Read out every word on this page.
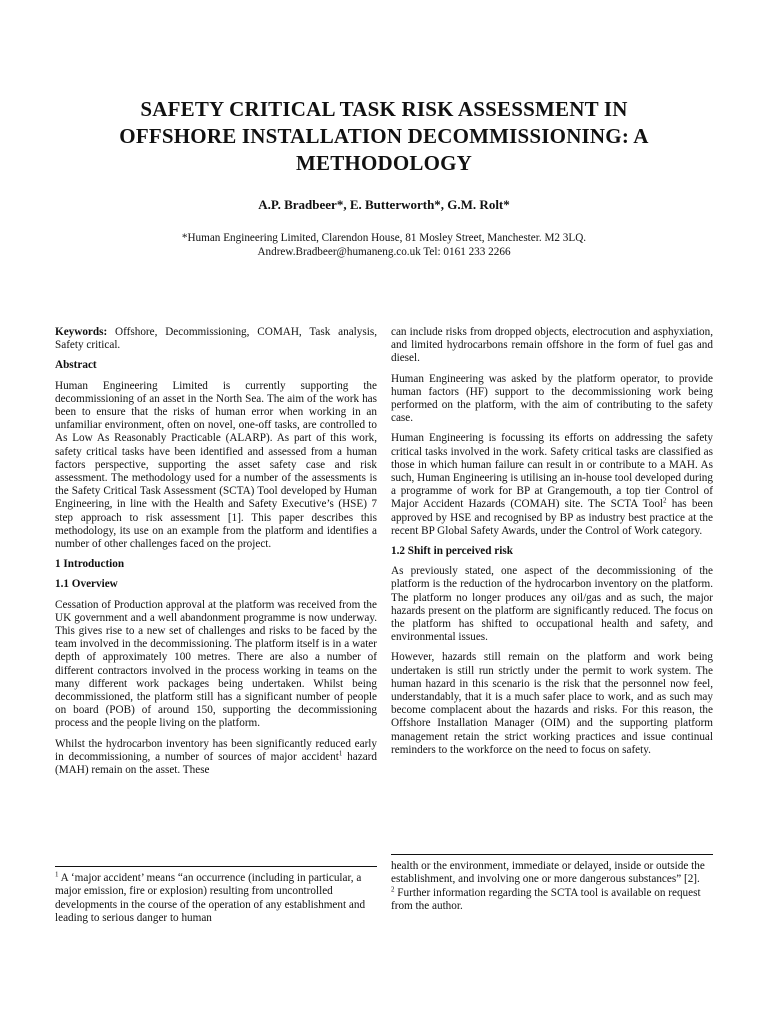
SAFETY CRITICAL TASK RISK ASSESSMENT IN
OFFSHORE INSTALLATION DECOMMISSIONING: A
METHODOLOGY
A.P. Bradbeer*, E. Butterworth*, G.M. Rolt*
*Human Engineering Limited, Clarendon House, 81 Mosley Street, Manchester. M2 3LQ.
Andrew.Bradbeer@humaneng.co.uk Tel: 0161 233 2266

Keywords: Offshore, Decommissioning, COMAH, Task analysis, Safety critical.

Abstract

Human Engineering Limited is currently supporting the decommissioning of an asset in the North Sea. The aim of the work has been to ensure that the risks of human error when working in an unfamiliar environment, often on novel, one-off tasks, are controlled to As Low As Reasonably Practicable (ALARP). As part of this work, safety critical tasks have been identified and assessed from a human factors perspective, supporting the asset safety case and risk assessment. The methodology used for a number of the assessments is the Safety Critical Task Assessment (SCTA) Tool developed by Human Engineering, in line with the Health and Safety Executive’s (HSE) 7 step approach to risk assessment [1]. This paper describes this methodology, its use on an example from the platform and identifies a number of other challenges faced on the project.

1 Introduction
1.1 Overview

Cessation of Production approval at the platform was received from the UK government and a well abandonment programme is now underway. This gives rise to a new set of challenges and risks to be faced by the team involved in the decommissioning. The platform itself is in a water depth of approximately 100 metres. There are also a number of different contractors involved in the process working in teams on the many different work packages being undertaken. Whilst being decommissioned, the platform still has a significant number of people on board (POB) of around 150, supporting the decommissioning process and the people living on the platform.

Whilst the hydrocarbon inventory has been significantly reduced early in decommissioning, a number of sources of major accident$^1$ hazard (MAH) remain on the asset. These

can include risks from dropped objects, electrocution and asphyxiation, and limited hydrocarbons remain offshore in the form of fuel gas and diesel.

Human Engineering was asked by the platform operator, to provide human factors (HF) support to the decommissioning work being performed on the platform, with the aim of contributing to the safety case.

Human Engineering is focussing its efforts on addressing the safety critical tasks involved in the work. Safety critical tasks are classified as those in which human failure can result in or contribute to a MAH. As such, Human Engineering is utilising an in-house tool developed during a programme of work for BP at Grangemouth, a top tier Control of Major Accident Hazards (COMAH) site. The SCTA Tool$^2$ has been approved by HSE and recognised by BP as industry best practice at the recent BP Global Safety Awards, under the Control of Work category.

1.2 Shift in perceived risk

As previously stated, one aspect of the decommissioning of the platform is the reduction of the hydrocarbon inventory on the platform. The platform no longer produces any oil/gas and as such, the major hazards present on the platform are significantly reduced. The focus on the platform has shifted to occupational health and safety, and environmental issues.

However, hazards still remain on the platform and work being undertaken is still run strictly under the permit to work system. The human hazard in this scenario is the risk that the personnel now feel, understandably, that it is a much safer place to work, and as such may become complacent about the hazards and risks. For this reason, the Offshore Installation Manager (OIM) and the supporting platform management retain the strict working practices and issue continual reminders to the workforce on the need to focus on safety.

$^1$ A ‘major accident’ means “an occurrence (including in particular, a major emission, fire or explosion) resulting from uncontrolled developments in the course of the operation of any establishment and leading to serious danger to human

health or the environment, immediate or delayed, inside or outside the establishment, and involving one or more dangerous substances” [2].

$^2$ Further information regarding the SCTA tool is available on request from the author.
